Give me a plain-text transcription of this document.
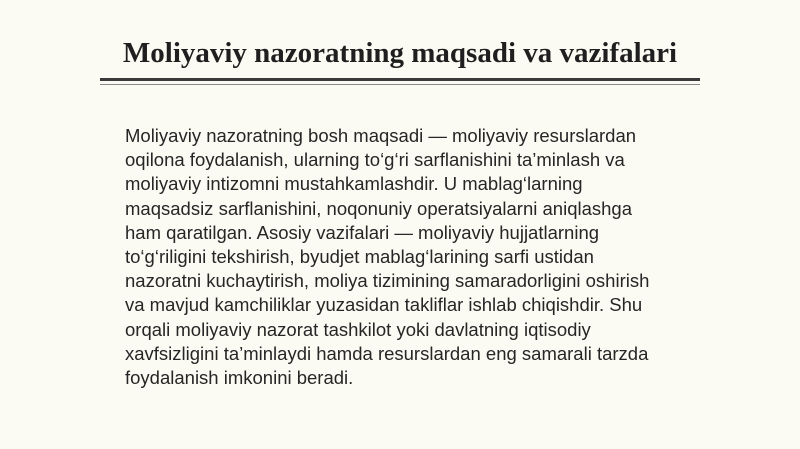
Moliyaviy nazoratning maqsadi va vazifalari
Moliyaviy nazoratning bosh maqsadi — moliyaviy resurslardan
oqilona foydalanish, ularning to‘g‘ri sarflanishini ta’minlash va
moliyaviy intizomni mustahkamlashdir. U mablag‘larning
maqsadsiz sarflanishini, noqonuniy operatsiyalarni aniqlashga
ham qaratilgan. Asosiy vazifalari — moliyaviy hujjatlarning
to‘g‘riligini tekshirish, byudjet mablag‘larining sarfi ustidan
nazoratni kuchaytirish, moliya tizimining samaradorligini oshirish
va mavjud kamchiliklar yuzasidan takliflar ishlab chiqishdir. Shu
orqali moliyaviy nazorat tashkilot yoki davlatning iqtisodiy
xavfsizligini ta’minlaydi hamda resurslardan eng samarali tarzda
foydalanish imkonini beradi.
